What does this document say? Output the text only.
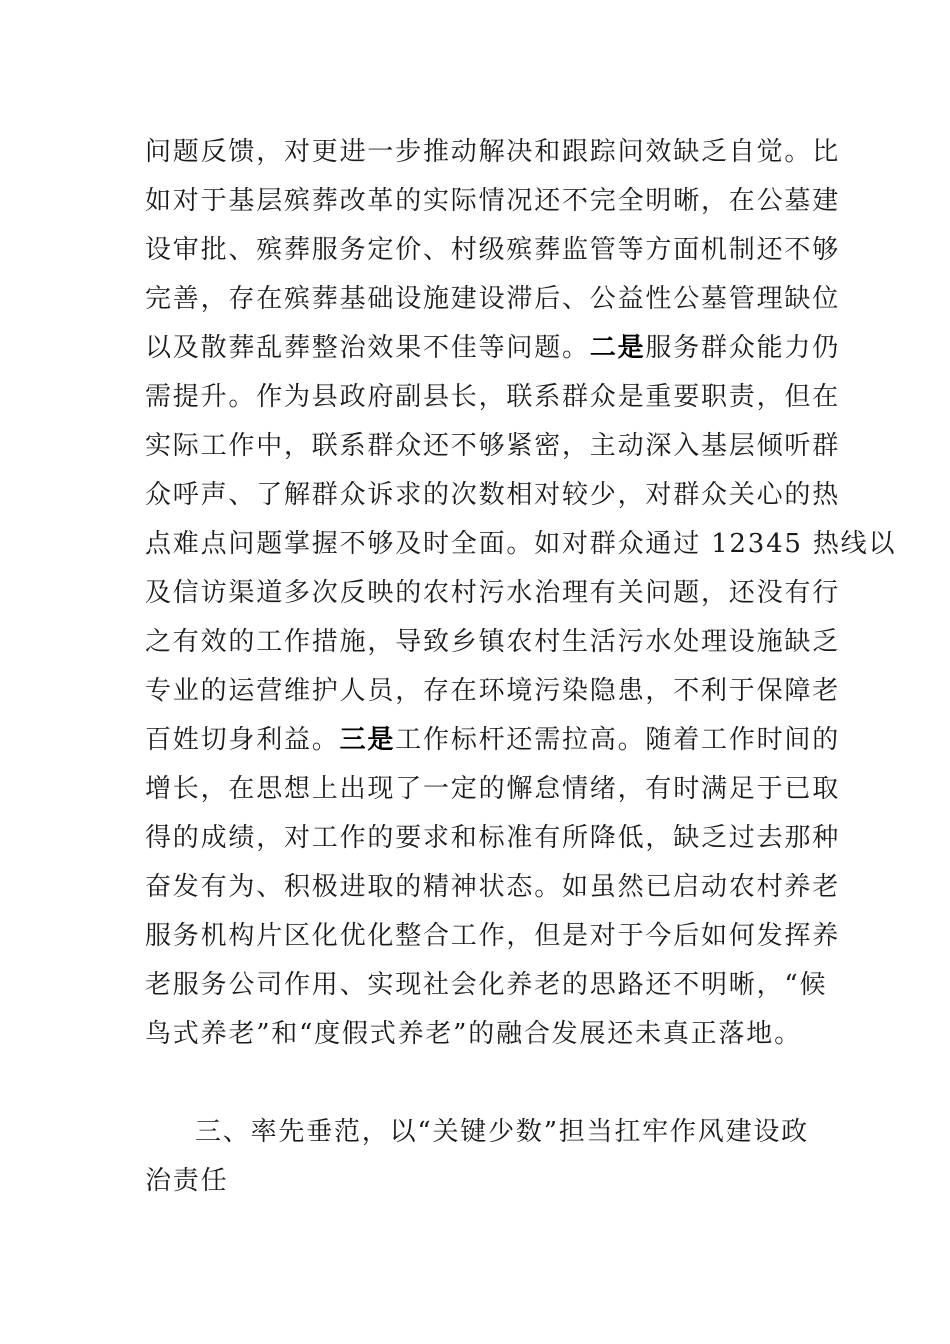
问题反馈，对更进一步推动解决和跟踪问效缺乏自觉。比
如对于基层殡葬改革的实际情况还不完全明晰，在公墓建
设审批、殡葬服务定价、村级殡葬监管等方面机制还不够
完善，存在殡葬基础设施建设滞后、公益性公墓管理缺位
以及散葬乱葬整治效果不佳等问题。二是服务群众能力仍
需提升。作为县政府副县长，联系群众是重要职责，但在
实际工作中，联系群众还不够紧密，主动深入基层倾听群
众呼声、了解群众诉求的次数相对较少，对群众关心的热
点难点问题掌握不够及时全面。如对群众通过 12345 热线以
及信访渠道多次反映的农村污水治理有关问题，还没有行
之有效的工作措施，导致乡镇农村生活污水处理设施缺乏
专业的运营维护人员，存在环境污染隐患，不利于保障老
百姓切身利益。三是工作标杆还需拉高。随着工作时间的
增长，在思想上出现了一定的懈怠情绪，有时满足于已取
得的成绩，对工作的要求和标准有所降低，缺乏过去那种
奋发有为、积极进取的精神状态。如虽然已启动农村养老
服务机构片区化优化整合工作，但是对于今后如何发挥养
老服务公司作用、实现社会化养老的思路还不明晰，“候
鸟式养老”和“度假式养老”的融合发展还未真正落地。
三、率先垂范，以“关键少数”担当扛牢作风建设政
治责任
